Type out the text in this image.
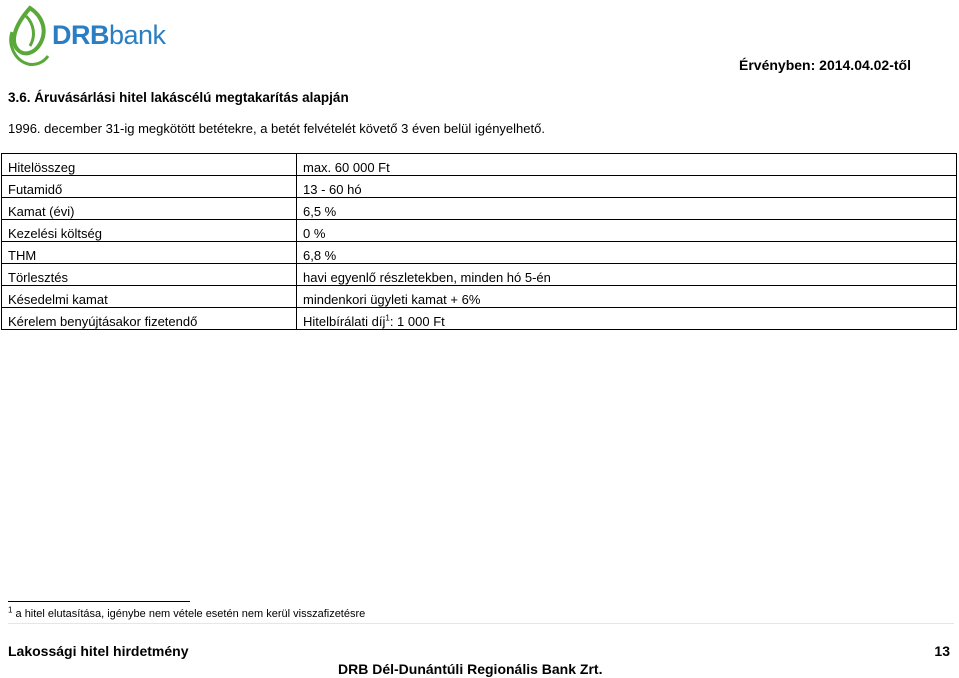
DRBbank
Érvényben: 2014.04.02-től
3.6. Áruvásárlási hitel lakáscélú megtakarítás alapján
1996. december 31-ig megkötött betétekre, a betét felvételét követő 3 éven belül igényelhető.
Hitelösszeg	max. 60 000 Ft
Futamidő	13 - 60 hó
Kamat (évi)	6,5 %
Kezelési költség	0 %
THM	6,8 %
Törlesztés	havi egyenlő részletekben, minden hó 5-én
Késedelmi kamat	mindenkori ügyleti kamat + 6%
Kérelem benyújtásakor fizetendő	Hitelbírálati díj$^1$: 1 000 Ft
$^1$ a hitel elutasítása, igénybe nem vétele esetén nem kerül visszafizetésre
Lakossági hitel hirdetmény	13
DRB Dél-Dunántúli Regionális Bank Zrt.
